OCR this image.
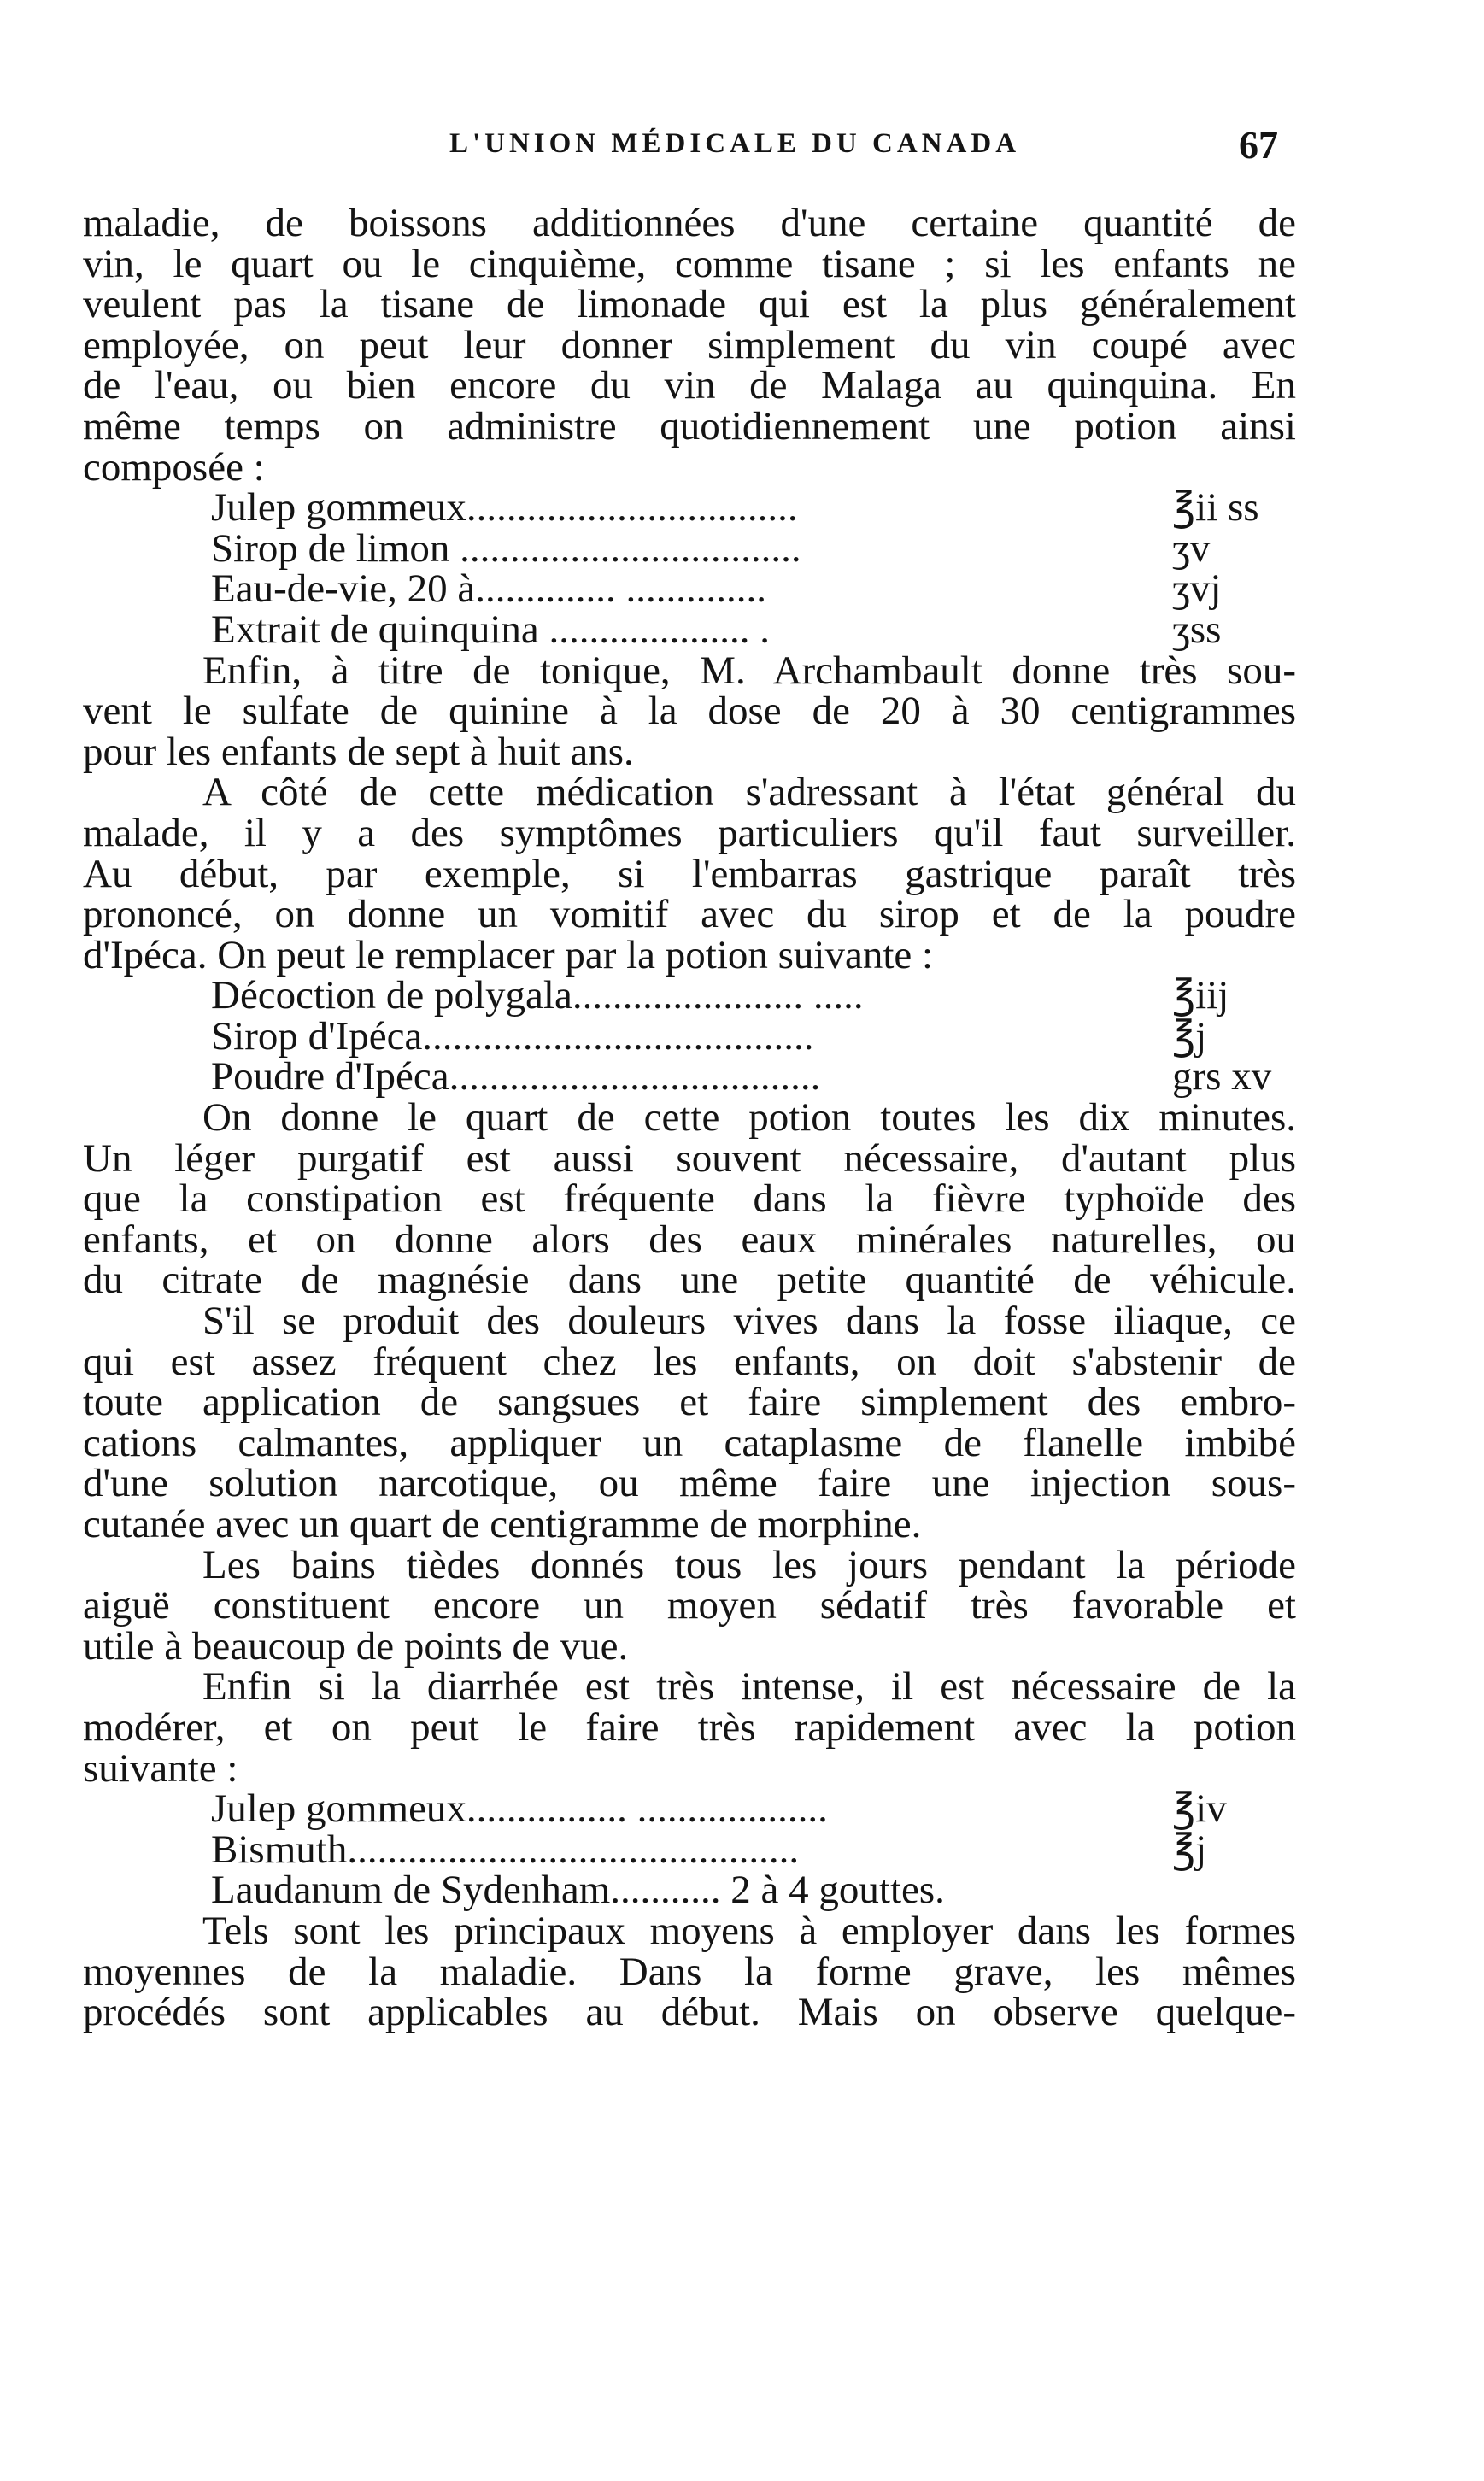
L'UNION MÉDICALE DU CANADA	67
maladie, de boissons additionnées d'une certaine quantité de
vin, le quart ou le cinquième, comme tisane ; si les enfants ne
veulent pas la tisane de limonade qui est la plus généralement
employée, on peut leur donner simplement du vin coupé avec
de l'eau, ou bien encore du vin de Malaga au quinquina. En
même temps on administre quotidiennement une potion ainsi
composée :
Julep gommeux.................................	℥ii ss
Sirop de limon ..................................	ʒv
Eau-de-vie, 20 à.............. ..............	ʒvj
Extrait de quinquina .................... .	ʒss
Enfin, à titre de tonique, M. Archambault donne très sou-
vent le sulfate de quinine à la dose de 20 à 30 centigrammes
pour les enfants de sept à huit ans.
A côté de cette médication s'adressant à l'état général du
malade, il y a des symptômes particuliers qu'il faut surveiller.
Au début, par exemple, si l'embarras gastrique paraît très
prononcé, on donne un vomitif avec du sirop et de la poudre
d'Ipéca. On peut le remplacer par la potion suivante :
Décoction de polygala....................... .....	℥iij
Sirop d'Ipéca.......................................	℥j
Poudre d'Ipéca.....................................	grs xv
On donne le quart de cette potion toutes les dix minutes.
Un léger purgatif est aussi souvent nécessaire, d'autant plus
que la constipation est fréquente dans la fièvre typhoïde des
enfants, et on donne alors des eaux minérales naturelles, ou
du citrate de magnésie dans une petite quantité de véhicule.
S'il se produit des douleurs vives dans la fosse iliaque, ce
qui est assez fréquent chez les enfants, on doit s'abstenir de
toute application de sangsues et faire simplement des embro-
cations calmantes, appliquer un cataplasme de flanelle imbibé
d'une solution narcotique, ou même faire une injection sous-
cutanée avec un quart de centigramme de morphine.
Les bains tièdes donnés tous les jours pendant la période
aiguë constituent encore un moyen sédatif très favorable et
utile à beaucoup de points de vue.
Enfin si la diarrhée est très intense, il est nécessaire de la
modérer, et on peut le faire très rapidement avec la potion
suivante :
Julep gommeux................ ...................	℥iv
Bismuth.............................................	℥j
Laudanum de Sydenham........... 2 à 4 gouttes.
Tels sont les principaux moyens à employer dans les formes
moyennes de la maladie. Dans la forme grave, les mêmes
procédés sont applicables au début. Mais on observe quelque-
